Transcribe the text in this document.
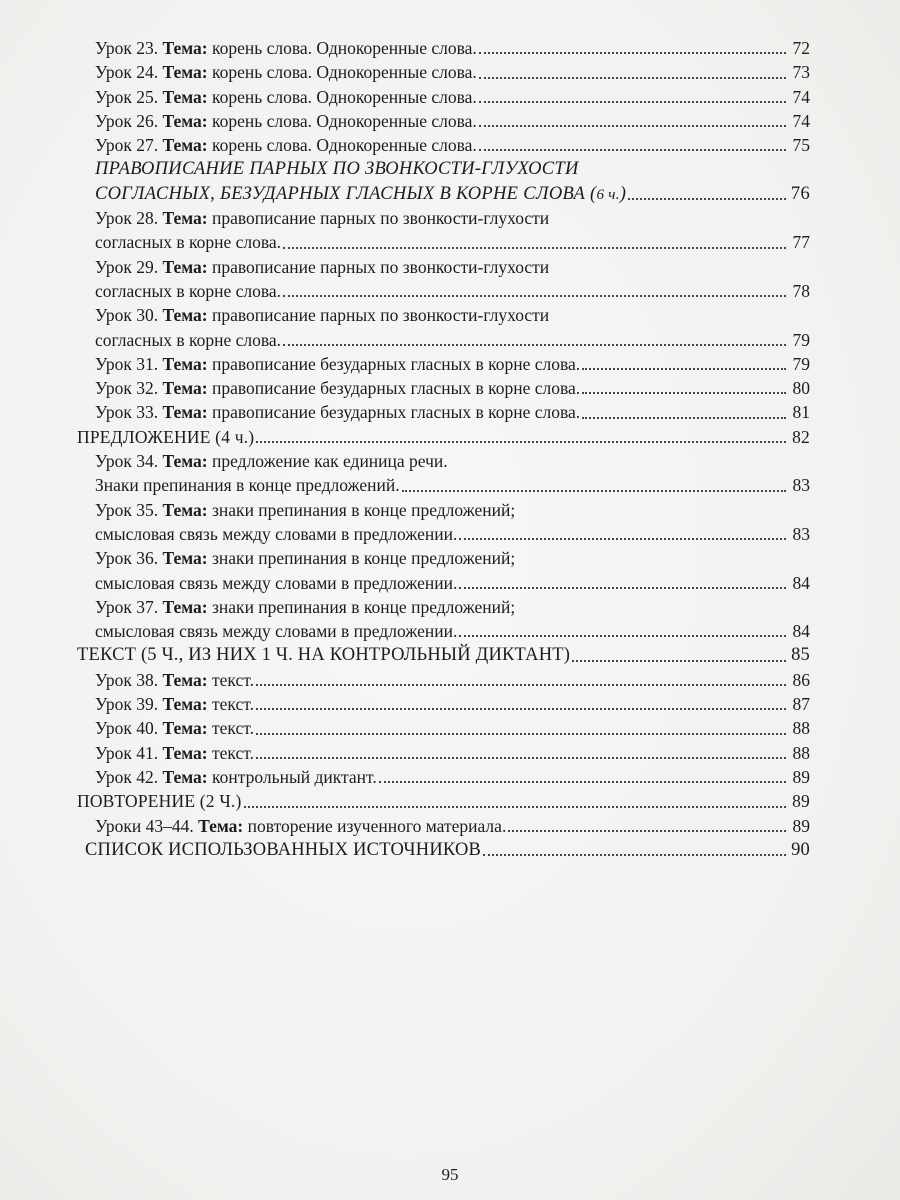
Урок 23. Тема: корень слова. Однокоренные слова.	72
Урок 24. Тема: корень слова. Однокоренные слова.	73
Урок 25. Тема: корень слова. Однокоренные слова.	74
Урок 26. Тема: корень слова. Однокоренные слова.	74
Урок 27. Тема: корень слова. Однокоренные слова.	75
ПРАВОПИСАНИЕ ПАРНЫХ ПО ЗВОНКОСТИ-ГЛУХОСТИ
СОГЛАСНЫХ, БЕЗУДАРНЫХ ГЛАСНЫХ В КОРНЕ СЛОВА (6 ч.)	76
Урок 28. Тема: правописание парных по звонкости-глухости
согласных в корне слова.	77
Урок 29. Тема: правописание парных по звонкости-глухости
согласных в корне слова.	78
Урок 30. Тема: правописание парных по звонкости-глухости
согласных в корне слова.	79
Урок 31. Тема: правописание безударных гласных в корне слова.	79
Урок 32. Тема: правописание безударных гласных в корне слова.	80
Урок 33. Тема: правописание безударных гласных в корне слова.	81
ПРЕДЛОЖЕНИЕ (4 ч.)	82
Урок 34. Тема: предложение как единица речи.
Знаки препинания в конце предложений.	83
Урок 35. Тема: знаки препинания в конце предложений;
смысловая связь между словами в предложении.	83
Урок 36. Тема: знаки препинания в конце предложений;
смысловая связь между словами в предложении.	84
Урок 37. Тема: знаки препинания в конце предложений;
смысловая связь между словами в предложении.	84
ТЕКСТ (5 Ч., ИЗ НИХ 1 Ч. НА КОНТРОЛЬНЫЙ ДИКТАНТ)	85
Урок 38. Тема: текст.	86
Урок 39. Тема: текст.	87
Урок 40. Тема: текст.	88
Урок 41. Тема: текст.	88
Урок 42. Тема: контрольный диктант.	89
ПОВТОРЕНИЕ (2 Ч.)	89
Уроки 43–44. Тема: повторение изученного материала.	89
СПИСОК ИСПОЛЬЗОВАННЫХ ИСТОЧНИКОВ	90
95
